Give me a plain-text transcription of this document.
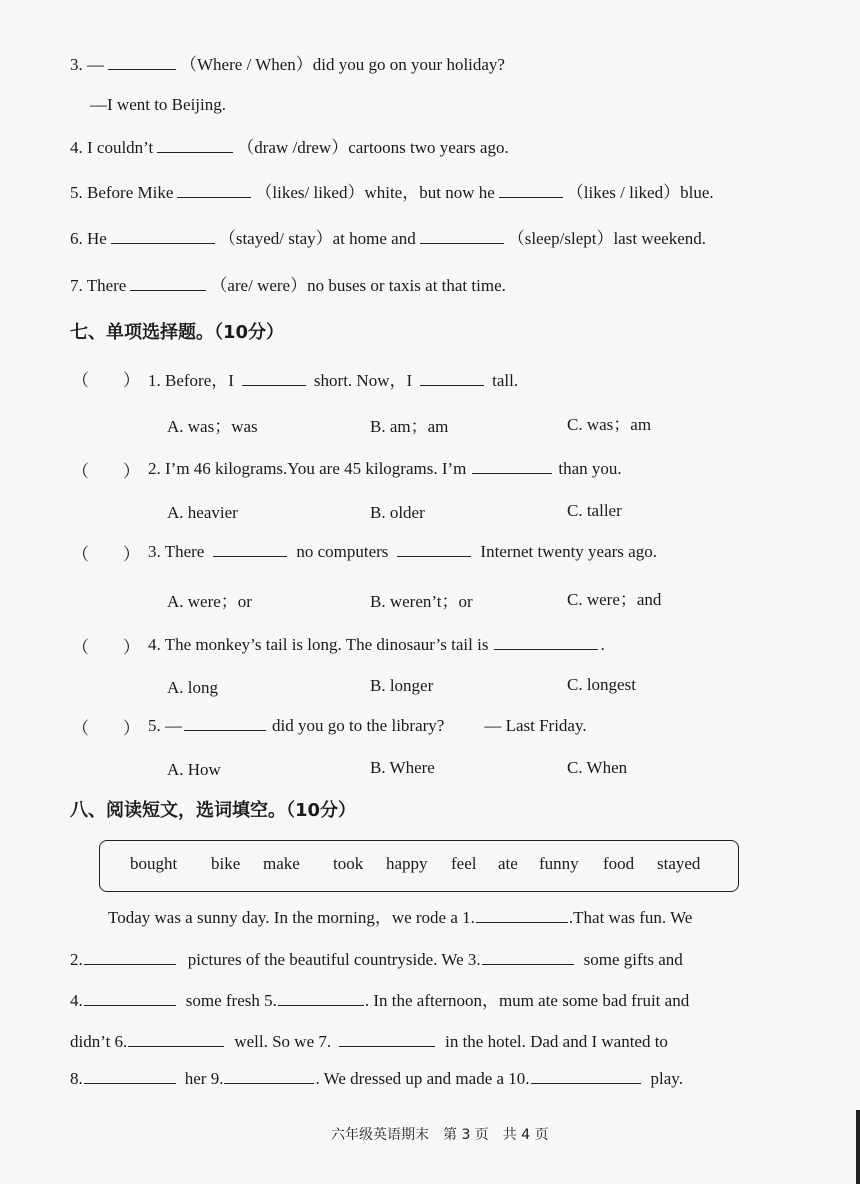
3. —	（Where / When）did you go on your holiday?
—I went to Beijing.
4. I couldn’t	（draw /drew）cartoons two years ago.
5. Before Mike	（likes/ liked）white，but now he	（likes / liked）blue.
6. He	（stayed/ stay）at home and	（sleep/slept）last weekend.
7. There	（are/ were）no buses or taxis at that time.
七、单项选择题。（10分）
（　　） 1. Before，I	short. Now，I	tall.
A. was；was	B. am；am	C. was；am
（　　） 2. I’m 46 kilograms.You are 45 kilograms. I’m	than you.
A. heavier	B. older	C. taller
（　　） 3. There	no computers	Internet twenty years ago.
A. were；or	B. weren’t；or	C. were；and
（　　） 4. The monkey’s tail is long. The dinosaur’s tail is	.
A. long	B. longer	C. longest
（　　） 5. —	did you go to the library? — Last Friday.
A. How	B. Where	C. When
八、阅读短文，选词填空。（10分）
bought bike make took happy feel ate funny food stayed
Today was a sunny day. In the morning，we rode a 1.	.That was fun. We
2.	pictures of the beautiful countryside. We 3.	some gifts and
4.	some fresh 5.	. In the afternoon，mum ate some bad fruit and
didn’t 6.	well. So we 7.	in the hotel. Dad and I wanted to
8.	her 9.	. We dressed up and made a 10.	play.
六年级英语期末　第 3 页　共 4 页
